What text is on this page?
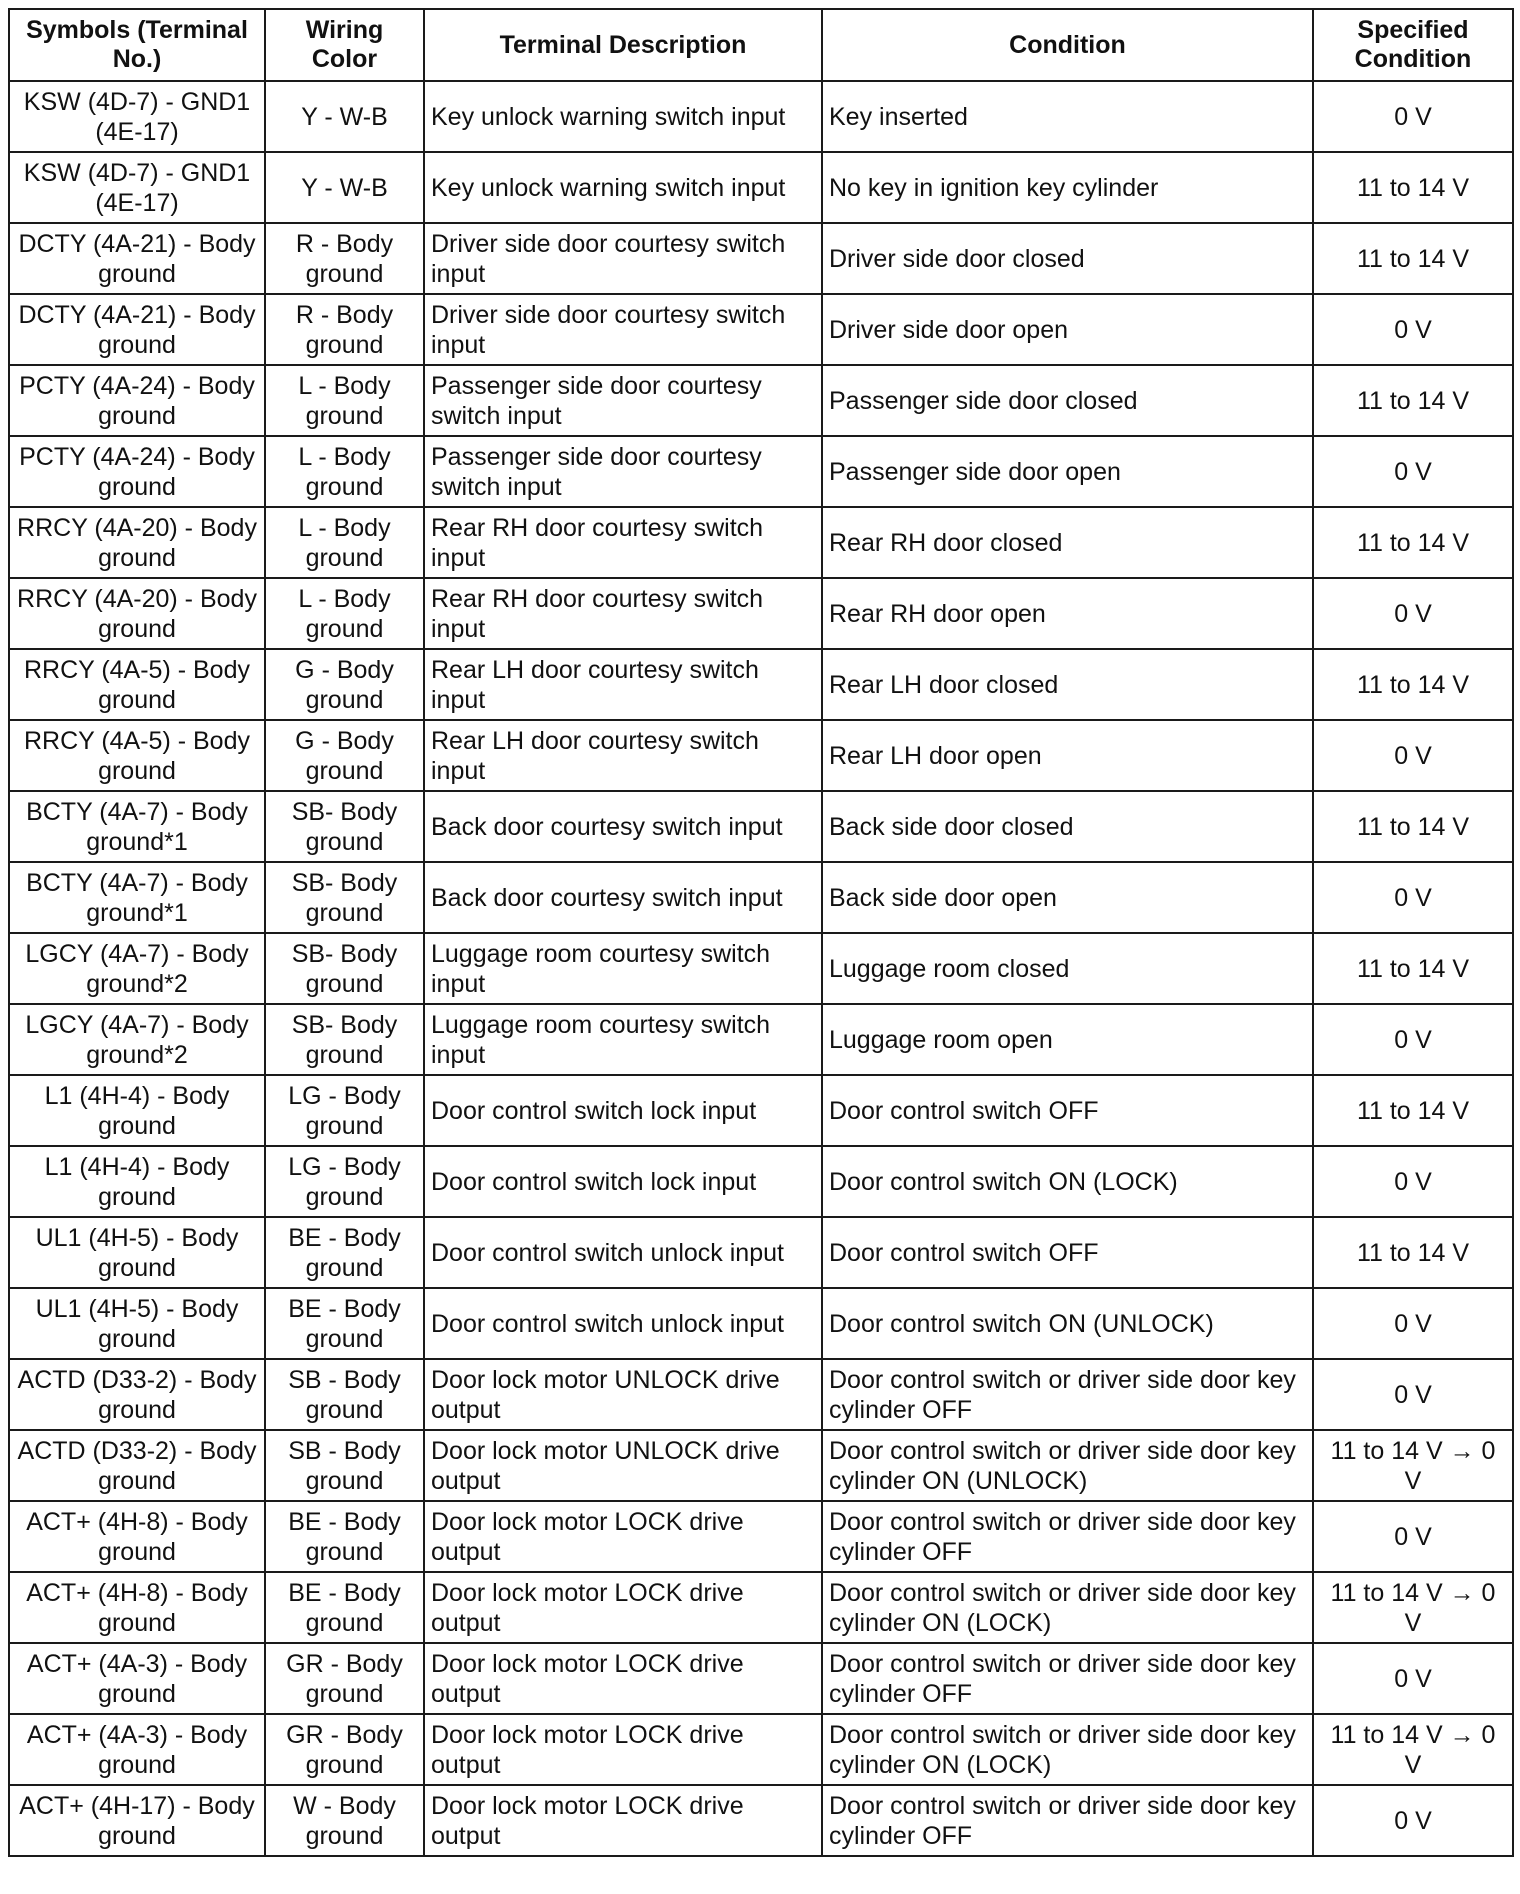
Symbols (Terminal No.)	Wiring Color	Terminal Description	Condition	Specified Condition
KSW (4D-7) - GND1 (4E-17)	Y - W-B	Key unlock warning switch input	Key inserted	0 V
KSW (4D-7) - GND1 (4E-17)	Y - W-B	Key unlock warning switch input	No key in ignition key cylinder	11 to 14 V
DCTY (4A-21) - Body ground	R - Body ground	Driver side door courtesy switch input	Driver side door closed	11 to 14 V
DCTY (4A-21) - Body ground	R - Body ground	Driver side door courtesy switch input	Driver side door open	0 V
PCTY (4A-24) - Body ground	L - Body ground	Passenger side door courtesy switch input	Passenger side door closed	11 to 14 V
PCTY (4A-24) - Body ground	L - Body ground	Passenger side door courtesy switch input	Passenger side door open	0 V
RRCY (4A-20) - Body ground	L - Body ground	Rear RH door courtesy switch input	Rear RH door closed	11 to 14 V
RRCY (4A-20) - Body ground	L - Body ground	Rear RH door courtesy switch input	Rear RH door open	0 V
RRCY (4A-5) - Body ground	G - Body ground	Rear LH door courtesy switch input	Rear LH door closed	11 to 14 V
RRCY (4A-5) - Body ground	G - Body ground	Rear LH door courtesy switch input	Rear LH door open	0 V
BCTY (4A-7) - Body ground*1	SB- Body ground	Back door courtesy switch input	Back side door closed	11 to 14 V
BCTY (4A-7) - Body ground*1	SB- Body ground	Back door courtesy switch input	Back side door open	0 V
LGCY (4A-7) - Body ground*2	SB- Body ground	Luggage room courtesy switch input	Luggage room closed	11 to 14 V
LGCY (4A-7) - Body ground*2	SB- Body ground	Luggage room courtesy switch input	Luggage room open	0 V
L1 (4H-4) - Body ground	LG - Body ground	Door control switch lock input	Door control switch OFF	11 to 14 V
L1 (4H-4) - Body ground	LG - Body ground	Door control switch lock input	Door control switch ON (LOCK)	0 V
UL1 (4H-5) - Body ground	BE - Body ground	Door control switch unlock input	Door control switch OFF	11 to 14 V
UL1 (4H-5) - Body ground	BE - Body ground	Door control switch unlock input	Door control switch ON (UNLOCK)	0 V
ACTD (D33-2) - Body ground	SB - Body ground	Door lock motor UNLOCK drive output	Door control switch or driver side door key cylinder OFF	0 V
ACTD (D33-2) - Body ground	SB - Body ground	Door lock motor UNLOCK drive output	Door control switch or driver side door key cylinder ON (UNLOCK)	11 to 14 V → 0 V
ACT+ (4H-8) - Body ground	BE - Body ground	Door lock motor LOCK drive output	Door control switch or driver side door key cylinder OFF	0 V
ACT+ (4H-8) - Body ground	BE - Body ground	Door lock motor LOCK drive output	Door control switch or driver side door key cylinder ON (LOCK)	11 to 14 V → 0 V
ACT+ (4A-3) - Body ground	GR - Body ground	Door lock motor LOCK drive output	Door control switch or driver side door key cylinder OFF	0 V
ACT+ (4A-3) - Body ground	GR - Body ground	Door lock motor LOCK drive output	Door control switch or driver side door key cylinder ON (LOCK)	11 to 14 V → 0 V
ACT+ (4H-17) - Body ground	W - Body ground	Door lock motor LOCK drive output	Door control switch or driver side door key cylinder OFF	0 V
